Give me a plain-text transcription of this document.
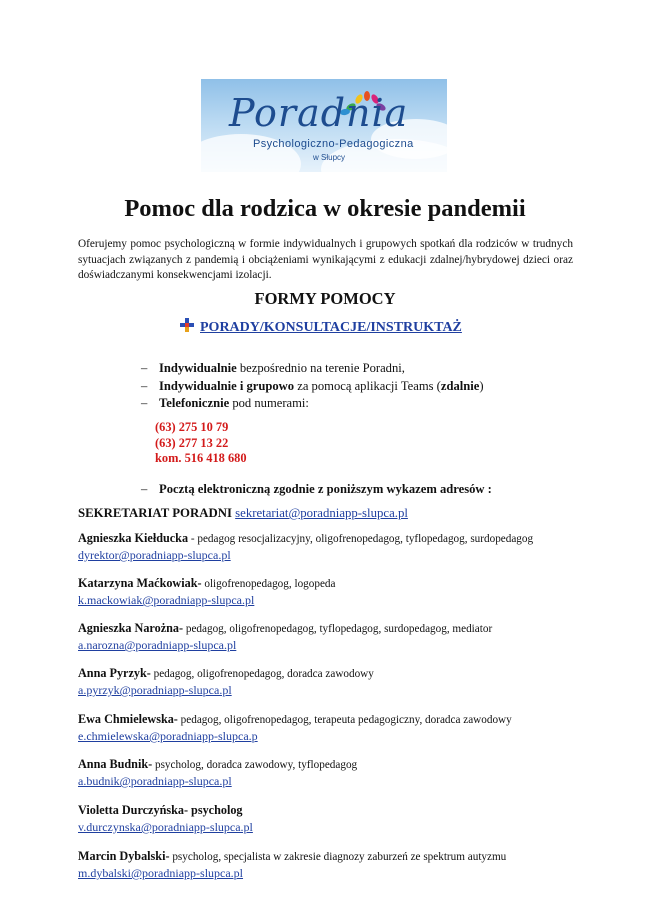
Poradnia
Psychologiczno-Pedagogiczna
w Słupcy
Pomoc dla rodzica w okresie pandemii
Oferujemy pomoc psychologiczną w formie indywidualnych i grupowych spotkań dla rodziców w trudnych sytuacjach związanych z pandemią i obciążeniami wynikającymi z edukacji zdalnej/hybrydowej dzieci oraz doświadczanymi konsekwencjami izolacji.
FORMY POMOCY
PORADY/KONSULTACJE/INSTRUKTAŻ
– Indywidualnie bezpośrednio na terenie Poradni,
– Indywidualnie i grupowo za pomocą aplikacji Teams (zdalnie)
– Telefonicznie pod numerami:
(63) 275 10 79
(63) 277 13 22
kom. 516 418 680
– Pocztą elektroniczną zgodnie z poniższym wykazem adresów :
SEKRETARIAT PORADNI sekretariat@poradniapp-slupca.pl
Agnieszka Kiełducka - pedagog resocjalizacyjny, oligofrenopedagog, tyflopedagog, surdopedagog
dyrektor@poradniapp-slupca.pl
Katarzyna Maćkowiak- oligofrenopedagog, logopeda
k.mackowiak@poradniapp-slupca.pl
Agnieszka Narożna- pedagog, oligofrenopedagog, tyflopedagog, surdopedagog, mediator
a.narozna@poradniapp-slupca.pl
Anna Pyrzyk- pedagog, oligofrenopedagog, doradca zawodowy
a.pyrzyk@poradniapp-slupca.pl
Ewa Chmielewska- pedagog, oligofrenopedagog, terapeuta pedagogiczny, doradca zawodowy
e.chmielewska@poradniapp-slupca.p
Anna Budnik- psycholog, doradca zawodowy, tyflopedagog
a.budnik@poradniapp-slupca.pl
Violetta Durczyńska- psycholog
v.durczynska@poradniapp-slupca.pl
Marcin Dybalski- psycholog, specjalista w zakresie diagnozy zaburzeń ze spektrum autyzmu
m.dybalski@poradniapp-slupca.pl
